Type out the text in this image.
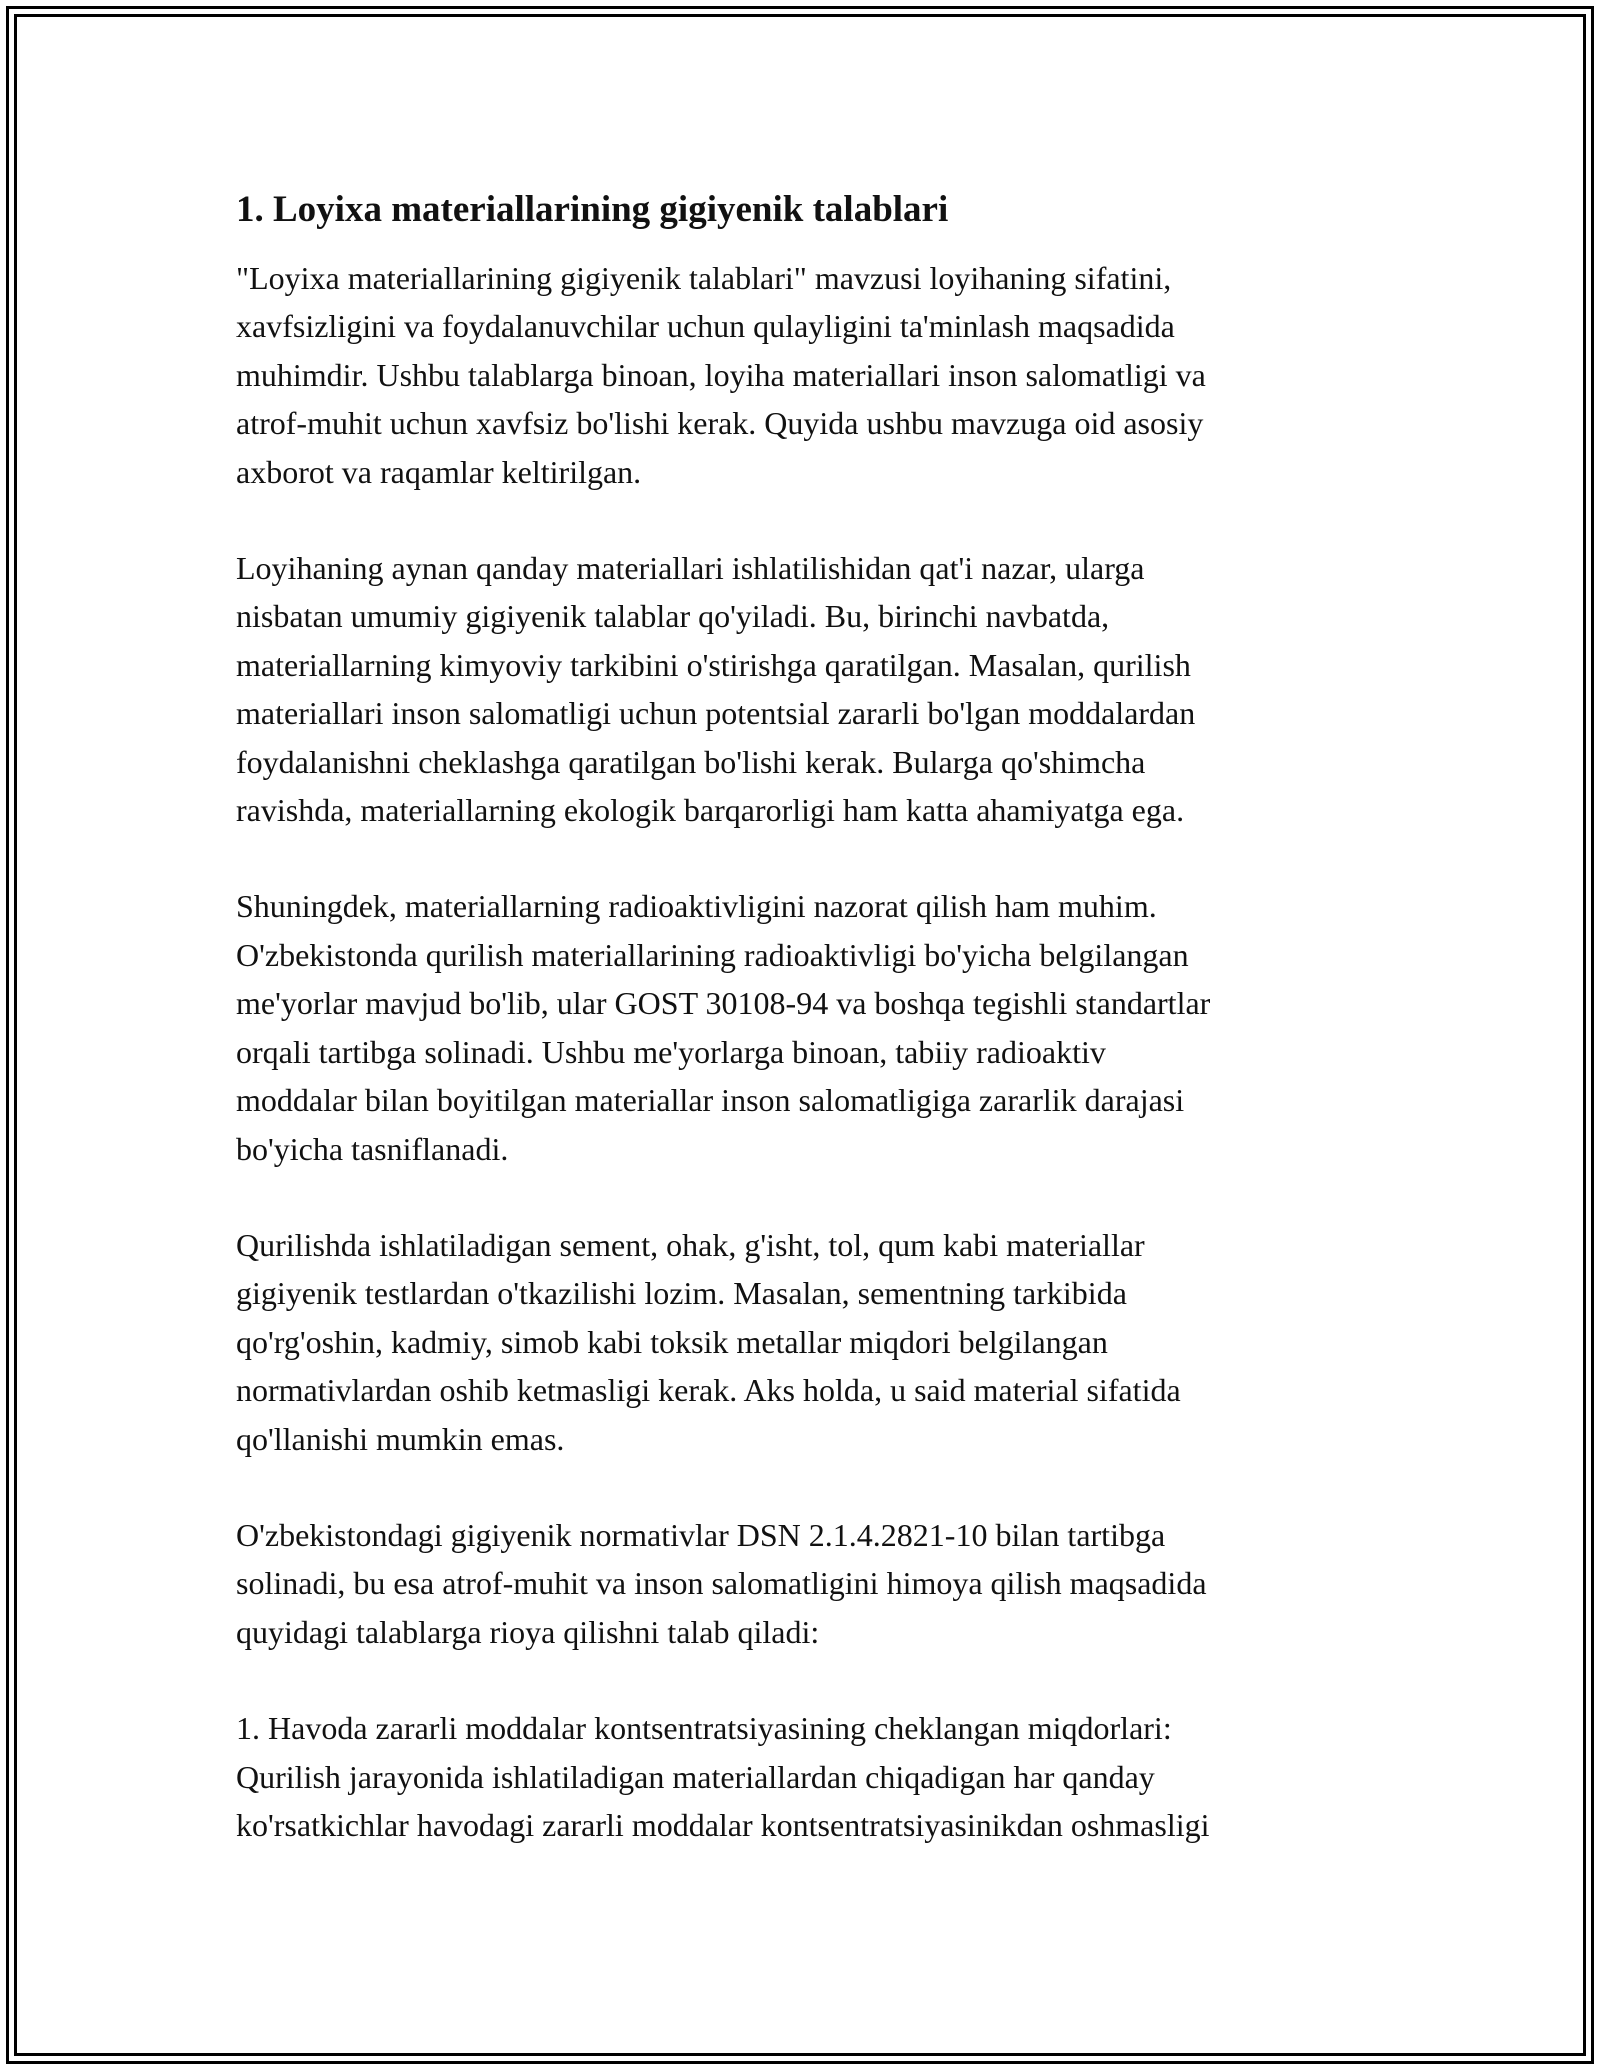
1. Loyixa materiallarining gigiyenik talablari

"Loyixa materiallarining gigiyenik talablari" mavzusi loyihaning sifatini,
xavfsizligini va foydalanuvchilar uchun qulayligini ta'minlash maqsadida
muhimdir. Ushbu talablarga binoan, loyiha materiallari inson salomatligi va
atrof-muhit uchun xavfsiz bo'lishi kerak. Quyida ushbu mavzuga oid asosiy
axborot va raqamlar keltirilgan.

Loyihaning aynan qanday materiallari ishlatilishidan qat'i nazar, ularga
nisbatan umumiy gigiyenik talablar qo'yiladi. Bu, birinchi navbatda,
materiallarning kimyoviy tarkibini o'stirishga qaratilgan. Masalan, qurilish
materiallari inson salomatligi uchun potentsial zararli bo'lgan moddalardan
foydalanishni cheklashga qaratilgan bo'lishi kerak. Bularga qo'shimcha
ravishda, materiallarning ekologik barqarorligi ham katta ahamiyatga ega.

Shuningdek, materiallarning radioaktivligini nazorat qilish ham muhim.
O'zbekistonda qurilish materiallarining radioaktivligi bo'yicha belgilangan
me'yorlar mavjud bo'lib, ular GOST 30108-94 va boshqa tegishli standartlar
orqali tartibga solinadi. Ushbu me'yorlarga binoan, tabiiy radioaktiv
moddalar bilan boyitilgan materiallar inson salomatligiga zararlik darajasi
bo'yicha tasniflanadi.

Qurilishda ishlatiladigan sement, ohak, g'isht, tol, qum kabi materiallar
gigiyenik testlardan o'tkazilishi lozim. Masalan, sementning tarkibida
qo'rg'oshin, kadmiy, simob kabi toksik metallar miqdori belgilangan
normativlardan oshib ketmasligi kerak. Aks holda, u said material sifatida
qo'llanishi mumkin emas.

O'zbekistondagi gigiyenik normativlar DSN 2.1.4.2821-10 bilan tartibga
solinadi, bu esa atrof-muhit va inson salomatligini himoya qilish maqsadida
quyidagi talablarga rioya qilishni talab qiladi:

1. Havoda zararli moddalar kontsentratsiyasining cheklangan miqdorlari:
Qurilish jarayonida ishlatiladigan materiallardan chiqadigan har qanday
ko'rsatkichlar havodagi zararli moddalar kontsentratsiyasinikdan oshmasligi
